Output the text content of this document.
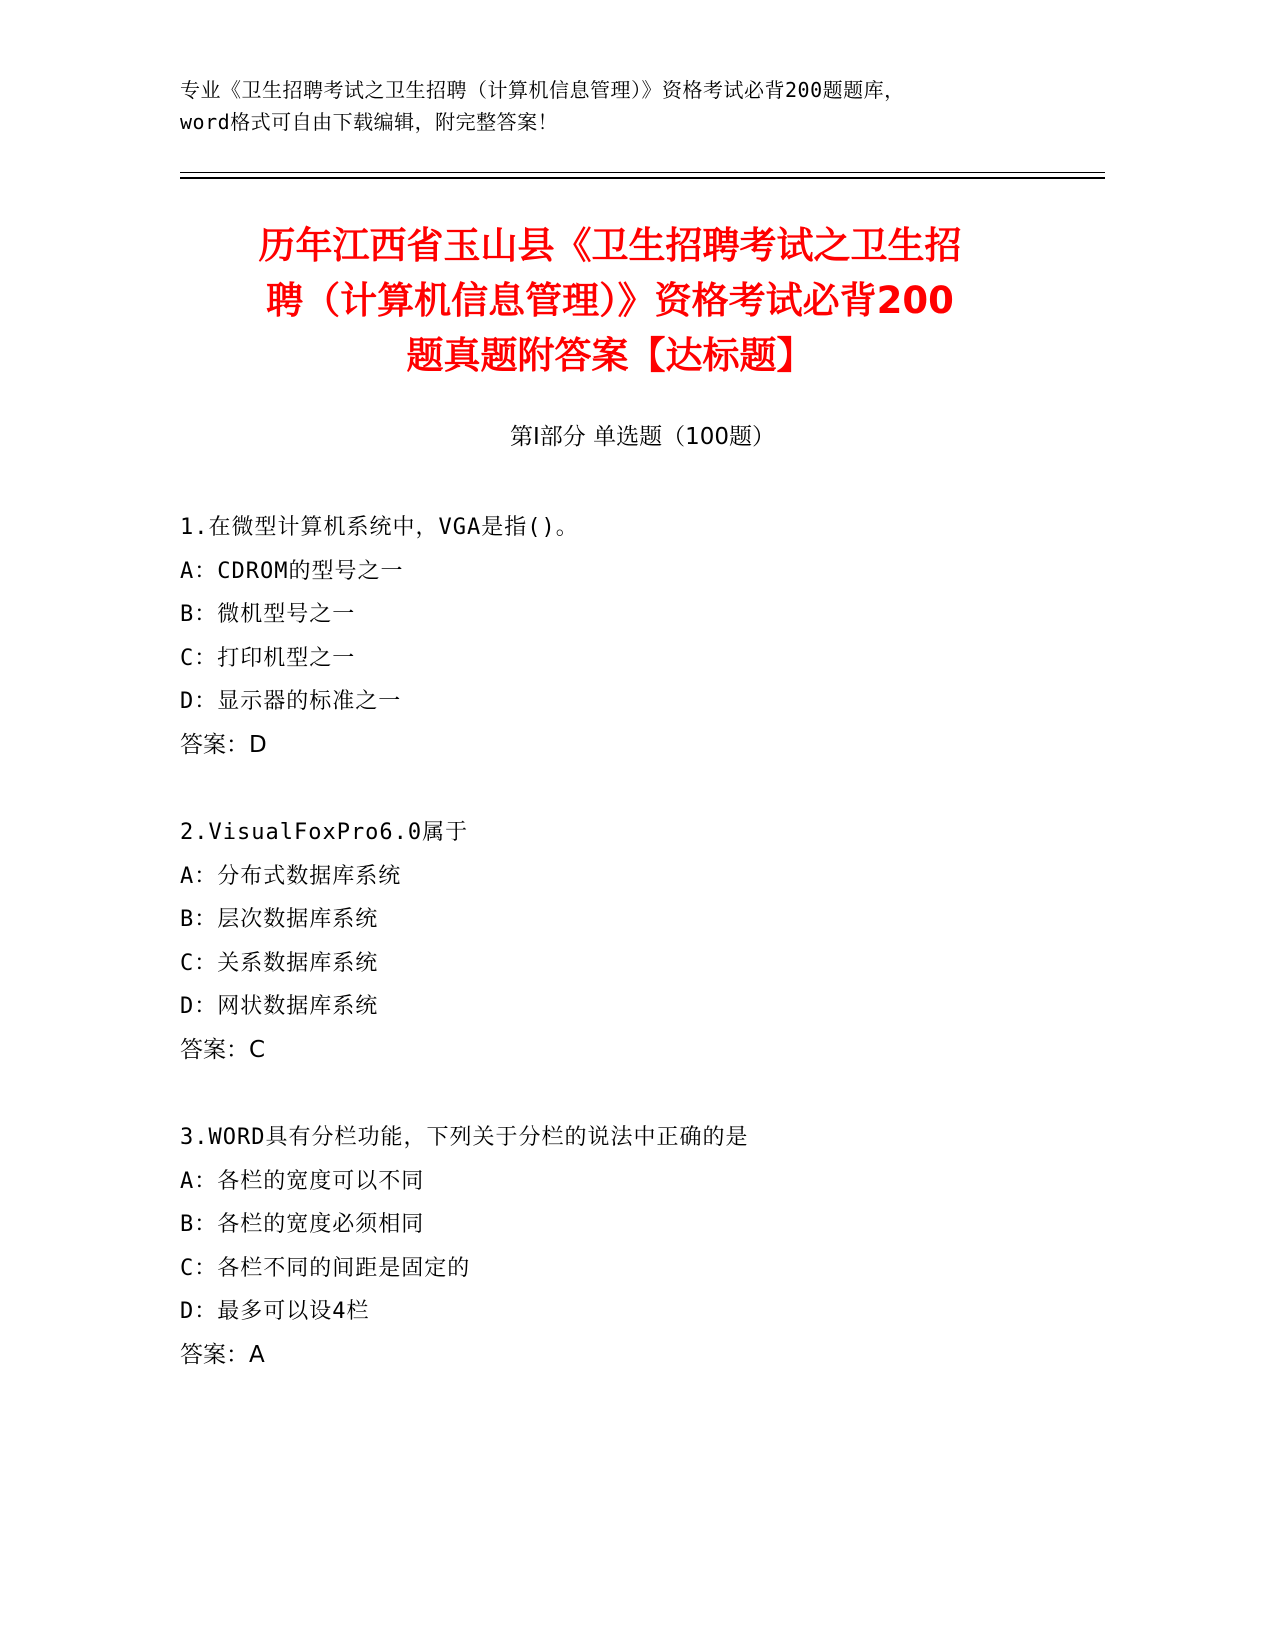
专业《卫生招聘考试之卫生招聘（计算机信息管理）》资格考试必背200题题库，
word格式可自由下载编辑，附完整答案！
历年江西省玉山县《卫生招聘考试之卫生招
聘（计算机信息管理）》资格考试必背200
题真题附答案【达标题】
第Ⅰ部分 单选题（100题）
1.在微型计算机系统中，VGA是指()。
A：CDROM的型号之一
B：微机型号之一
C：打印机型之一
D：显示器的标准之一
答案：D
2.VisualFoxPro6.0属于
A：分布式数据库系统
B：层次数据库系统
C：关系数据库系统
D：网状数据库系统
答案：C
3.WORD具有分栏功能，下列关于分栏的说法中正确的是
A：各栏的宽度可以不同
B：各栏的宽度必须相同
C：各栏不同的间距是固定的
D：最多可以设4栏
答案：A
